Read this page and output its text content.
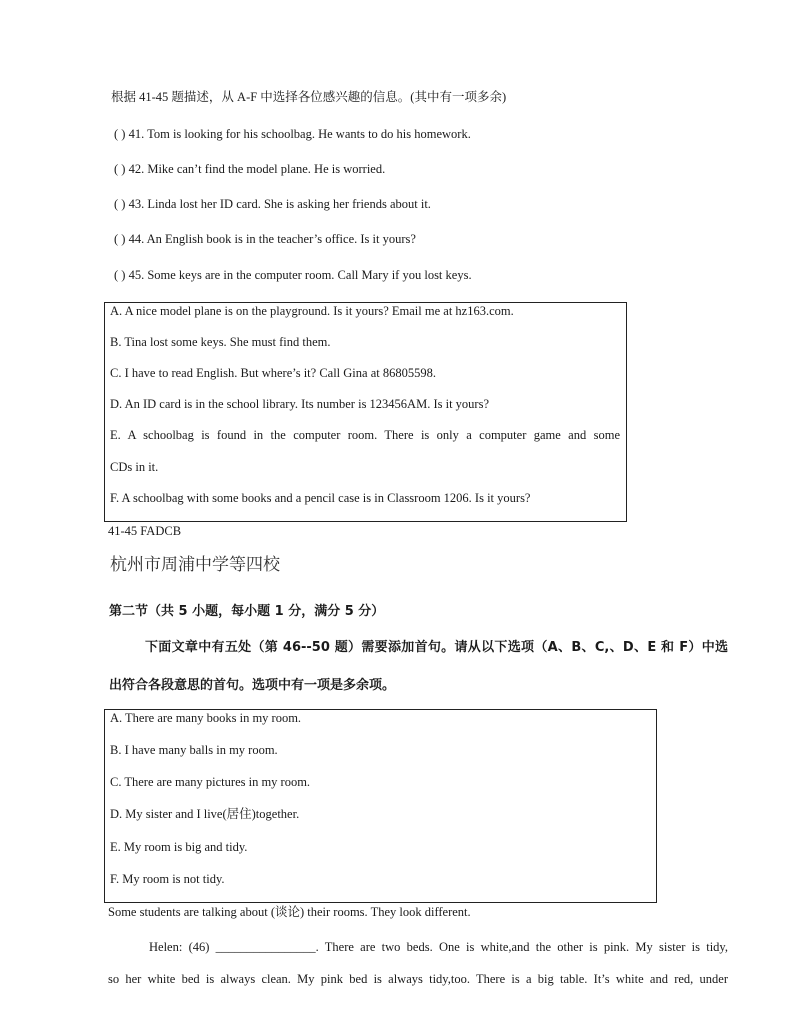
根据 41-45 题描述，从 A-F 中选择各位感兴趣的信息。(其中有一项多余)
( ) 41. Tom is looking for his schoolbag. He wants to do his homework.
( ) 42. Mike can’t find the model plane. He is worried.
( ) 43. Linda lost her ID card. She is asking her friends about it.
( ) 44. An English book is in the teacher’s office. Is it yours?
( ) 45. Some keys are in the computer room. Call Mary if you lost keys.
A. A nice model plane is on the playground. Is it yours? Email me at hz163.com.
B. Tina lost some keys. She must find them.
C. I have to read English. But where’s it? Call Gina at 86805598.
D. An ID card is in the school library. Its number is 123456AM. Is it yours?
E. A schoolbag is found in the computer room. There is only a computer game and some
CDs in it.
F. A schoolbag with some books and a pencil case is in Classroom 1206. Is it yours?
41-45 FADCB
杭州市周浦中学等四校
第二节（共 5 小题，每小题 1 分，满分 5 分）
下面文章中有五处（第 46--50 题）需要添加首句。请从以下选项（A、B、C,、D、E 和 F）中选
出符合各段意思的首句。选项中有一项是多余项。
A. There are many books in my room.
B. I have many balls in my room.
C. There are many pictures in my room.
D. My sister and I live(居住)together.
E. My room is big and tidy.
F. My room is not tidy.
Some students are talking about (谈论) their rooms. They look different.
Helen: (46) ________________. There are two beds. One is white,and the other is pink. My sister is tidy,
so her white bed is always clean. My pink bed is always tidy,too. There is a big table. It’s white and red, under
